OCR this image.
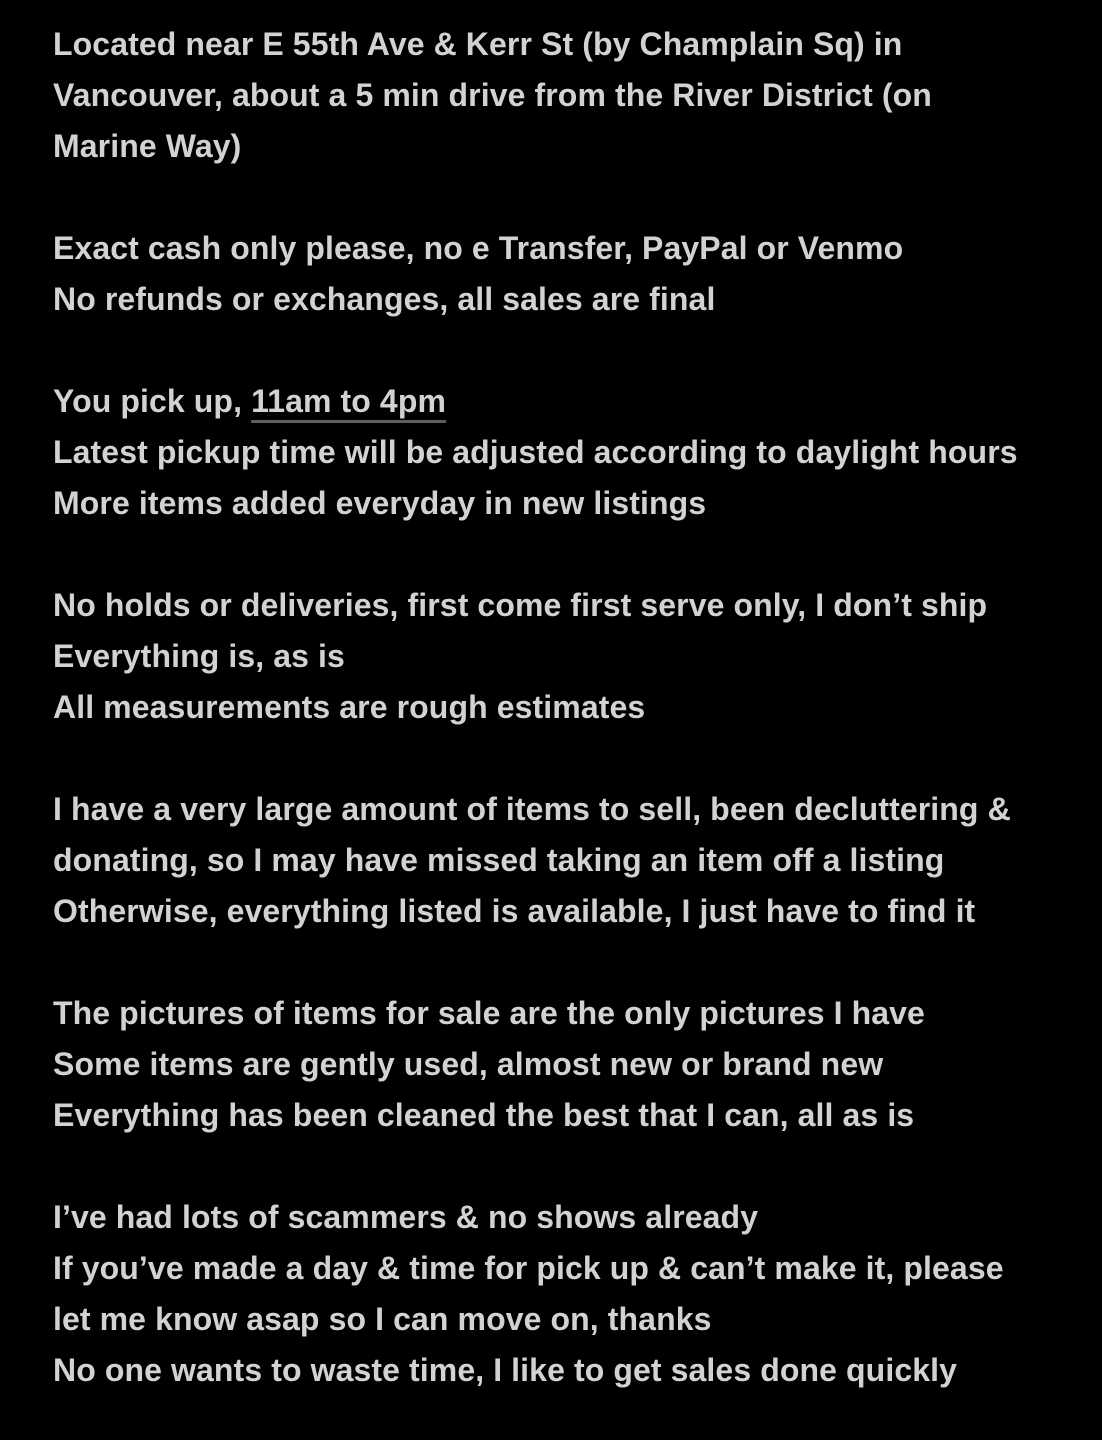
Located near E 55th Ave & Kerr St (by Champlain Sq) in
Vancouver, about a 5 min drive from the River District (on
Marine Way)

Exact cash only please, no e Transfer, PayPal or Venmo
No refunds or exchanges, all sales are final

You pick up, 11am to 4pm
Latest pickup time will be adjusted according to daylight hours
More items added everyday in new listings

No holds or deliveries, first come first serve only, I don’t ship
Everything is, as is
All measurements are rough estimates

I have a very large amount of items to sell, been decluttering &
donating, so I may have missed taking an item off a listing
Otherwise, everything listed is available, I just have to find it

The pictures of items for sale are the only pictures I have
Some items are gently used, almost new or brand new
Everything has been cleaned the best that I can, all as is

I’ve had lots of scammers & no shows already
If you’ve made a day & time for pick up & can’t make it, please
let me know asap so I can move on, thanks
No one wants to waste time, I like to get sales done quickly
